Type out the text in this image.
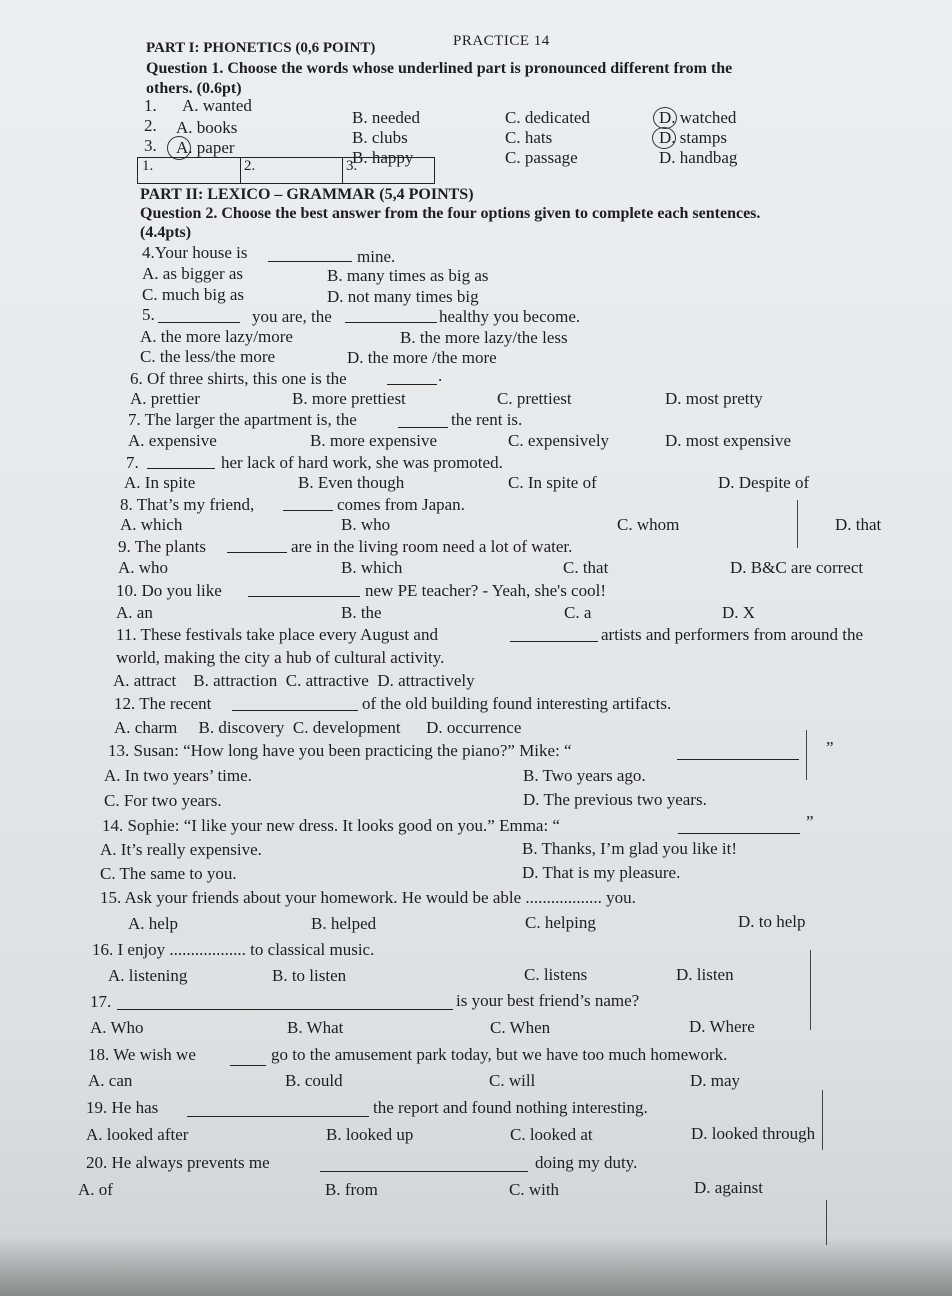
PRACTICE 14
PART I: PHONETICS (0,6 POINT)
Question 1. Choose the words whose underlined part is pronounced different from the
others. (0.6pt)
1. A. wanted
B. needed	C. dedicated	D. watched
2. A. books
B. clubs	C. hats	D. stamps
3. A. paper
B. happy	C. passage	D. handbag
1.	2.	3.
PART II: LEXICO – GRAMMAR (5,4 POINTS)
Question 2. Choose the best answer from the four options given to complete each sentences.
(4.4pts)
4.Your house is	mine.
A. as bigger as	B. many times as big as
C. much big as	D. not many times big
5.	you are, the	healthy you become.
A. the more lazy/more	B. the more lazy/the less
C. the less/the more	D. the more /the more
6. Of three shirts, this one is the	.
A. prettier	B. more prettiest	C. prettiest	D. most pretty
7. The larger the apartment is, the	the rent is.
A. expensive	B. more expensive	C. expensively	D. most expensive
7.	her lack of hard work, she was promoted.
A. In spite	B. Even though	C. In spite of	D. Despite of
8. That’s my friend,	comes from Japan.
A. which	B. who	C. whom	D. that
9. The plants	are in the living room need a lot of water.
A. who	B. which	C. that	D. B&C are correct
10. Do you like	new PE teacher? - Yeah, she's cool!
A. an	B. the	C. a	D. X
11. These festivals take place every August and	artists and performers from around the
world, making the city a hub of cultural activity.
A. attract    B. attraction  C. attractive  D. attractively
12. The recent	of the old building found interesting artifacts.
A. charm     B. discovery  C. development      D. occurrence
13. Susan: “How long have you been practicing the piano?” Mike: “	”
A. In two years’ time.	B. Two years ago.
C. For two years.	D. The previous two years.
14. Sophie: “I like your new dress. It looks good on you.” Emma: “	”
A. It’s really expensive.	B. Thanks, I’m glad you like it!
C. The same to you.	D. That is my pleasure.
15. Ask your friends about your homework. He would be able .................. you.
A. help	B. helped	C. helping	D. to help
16. I enjoy .................. to classical music.
A. listening	B. to listen	C. listens	D. listen
17.	is your best friend’s name?
A. Who	B. What	C. When	D. Where
18. We wish we	go to the amusement park today, but we have too much homework.
A. can	B. could	C. will	D. may
19. He has	the report and found nothing interesting.
A. looked after	B. looked up	C. looked at	D. looked through
20. He always prevents me	doing my duty.
A. of	B. from	C. with	D. against
